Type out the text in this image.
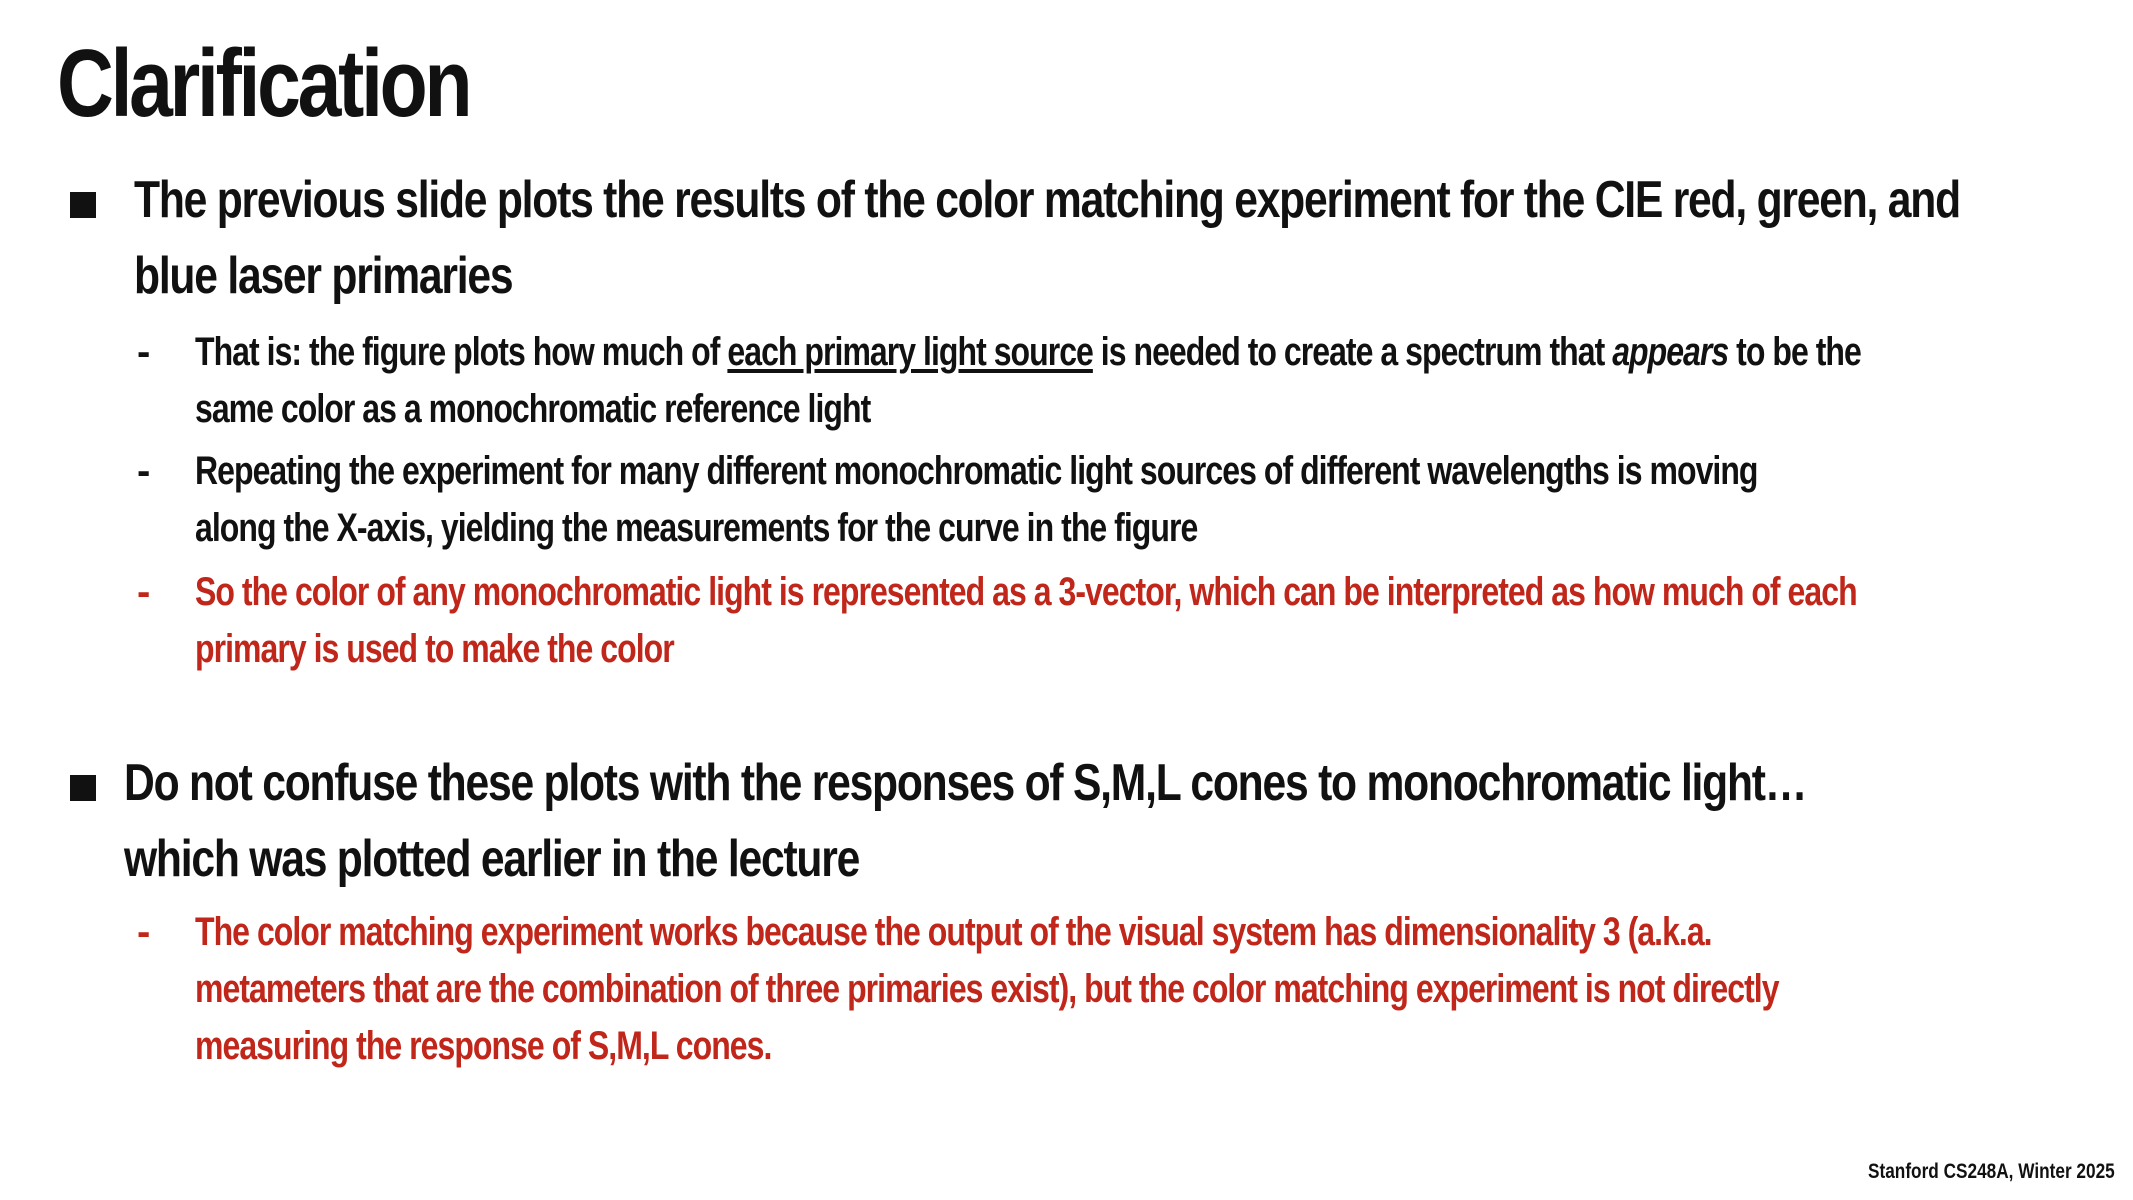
Clarification
The previous slide plots the results of the color matching experiment for the CIE red, green, and blue laser primaries
- That is: the figure plots how much of each primary light source is needed to create a spectrum that appears to be the same color as a monochromatic reference light
- Repeating the experiment for many different monochromatic light sources of different wavelengths is moving along the X-axis, yielding the measurements for the curve in the figure
- So the color of any monochromatic light is represented as a 3-vector, which can be interpreted as how much of each primary is used to make the color
Do not confuse these plots with the responses of S,M,L cones to monochromatic light… which was plotted earlier in the lecture
- The color matching experiment works because the output of the visual system has dimensionality 3 (a.k.a. metameters that are the combination of three primaries exist), but the color matching experiment is not directly measuring the response of S,M,L cones.
Stanford CS248A, Winter 2025
